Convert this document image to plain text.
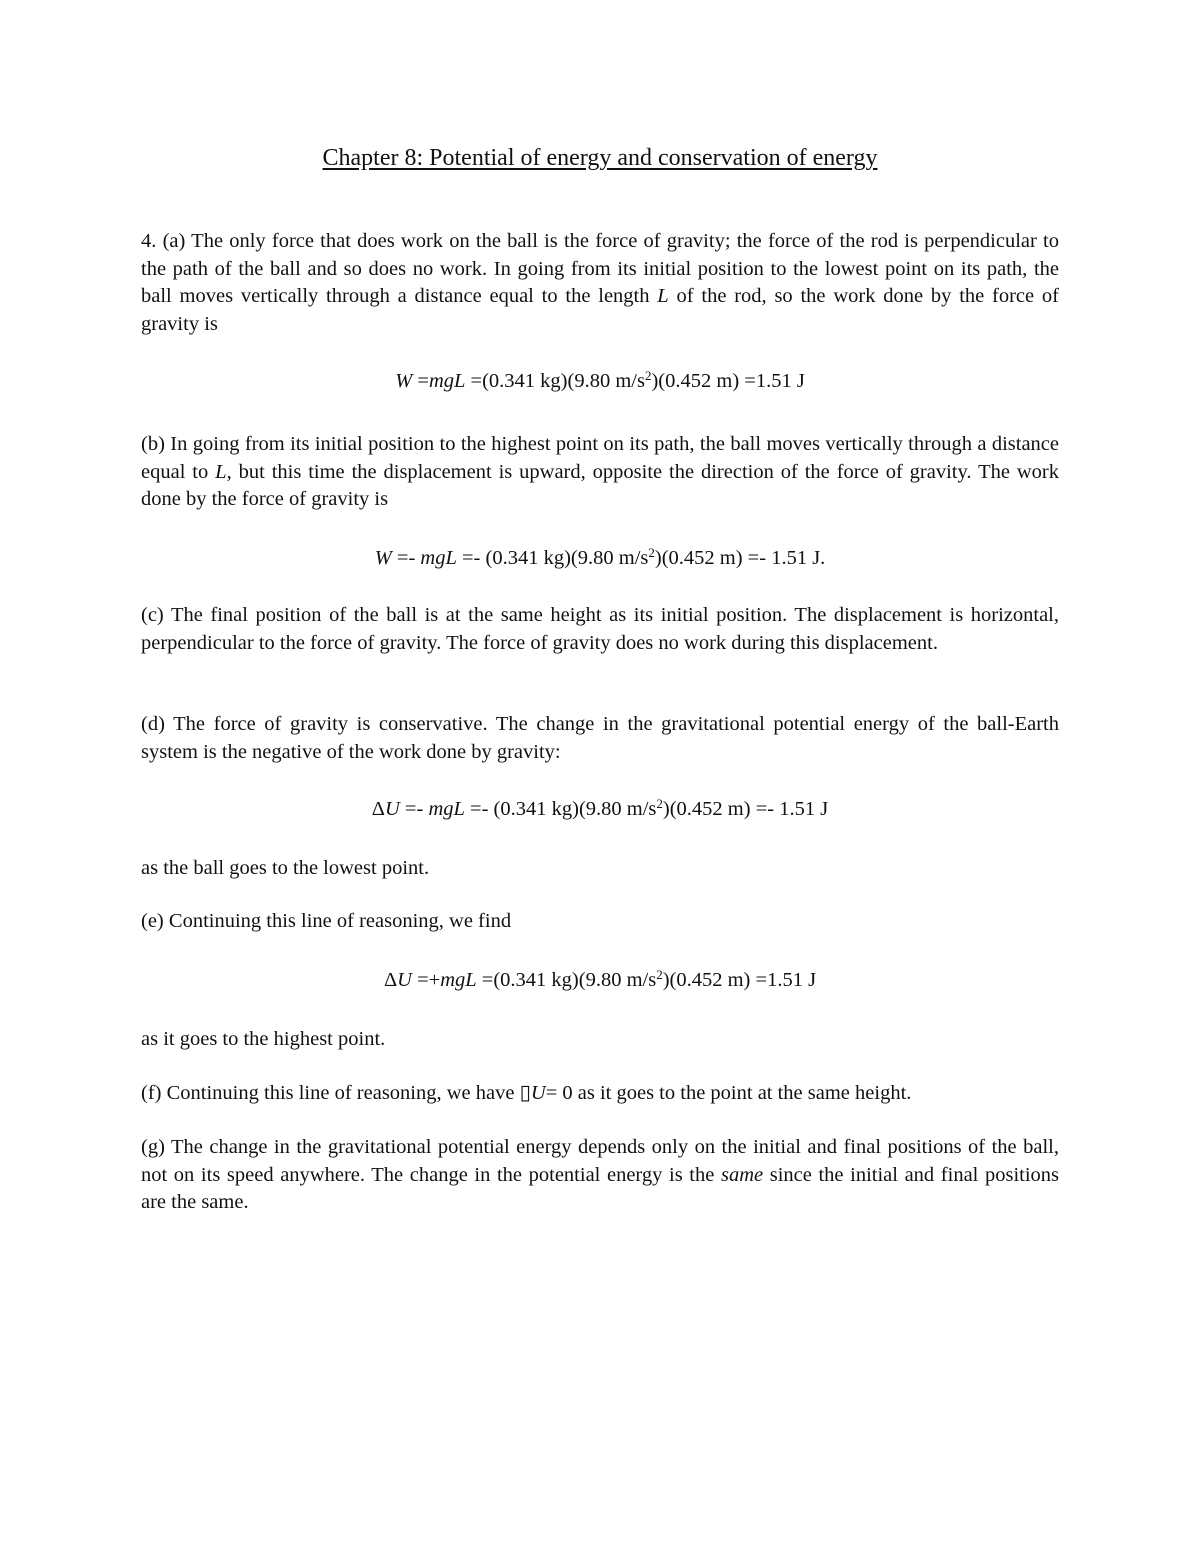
Chapter 8: Potential of energy and conservation of energy

4. (a) The only force that does work on the ball is the force of gravity; the force of the rod is perpendicular to the path of the ball and so does no work. In going from its initial position to the lowest point on its path, the ball moves vertically through a distance equal to the length L of the rod, so the work done by the force of gravity is

W =mgL =(0.341 kg)(9.80 $m/s^2)(0.452$ m) =1.51 J

(b) In going from its initial position to the highest point on its path, the ball moves vertically through a distance equal to L, but this time the displacement is upward, opposite the direction of the force of gravity. The work done by the force of gravity is

W =- mgL =- (0.341 kg)(9.80 $m/s^2)(0.452$ m) =- 1.51 J.

(c) The final position of the ball is at the same height as its initial position. The displacement is horizontal, perpendicular to the force of gravity. The force of gravity does no work during this displacement.

(d) The force of gravity is conservative. The change in the gravitational potential energy of the ball-Earth system is the negative of the work done by gravity:

ΔU =- mgL =- (0.341 kg)(9.80 $m/s^2)(0.452$ m) =- 1.51 J

as the ball goes to the lowest point.

(e) Continuing this line of reasoning, we find

ΔU =+mgL =(0.341 kg)(9.80 $m/s^2)(0.452$ m) =1.51 J

as it goes to the highest point.

(f) Continuing this line of reasoning, we have ▯U= 0 as it goes to the point at the same height.

(g) The change in the gravitational potential energy depends only on the initial and final positions of the ball, not on its speed anywhere. The change in the potential energy is the same since the initial and final positions are the same.
